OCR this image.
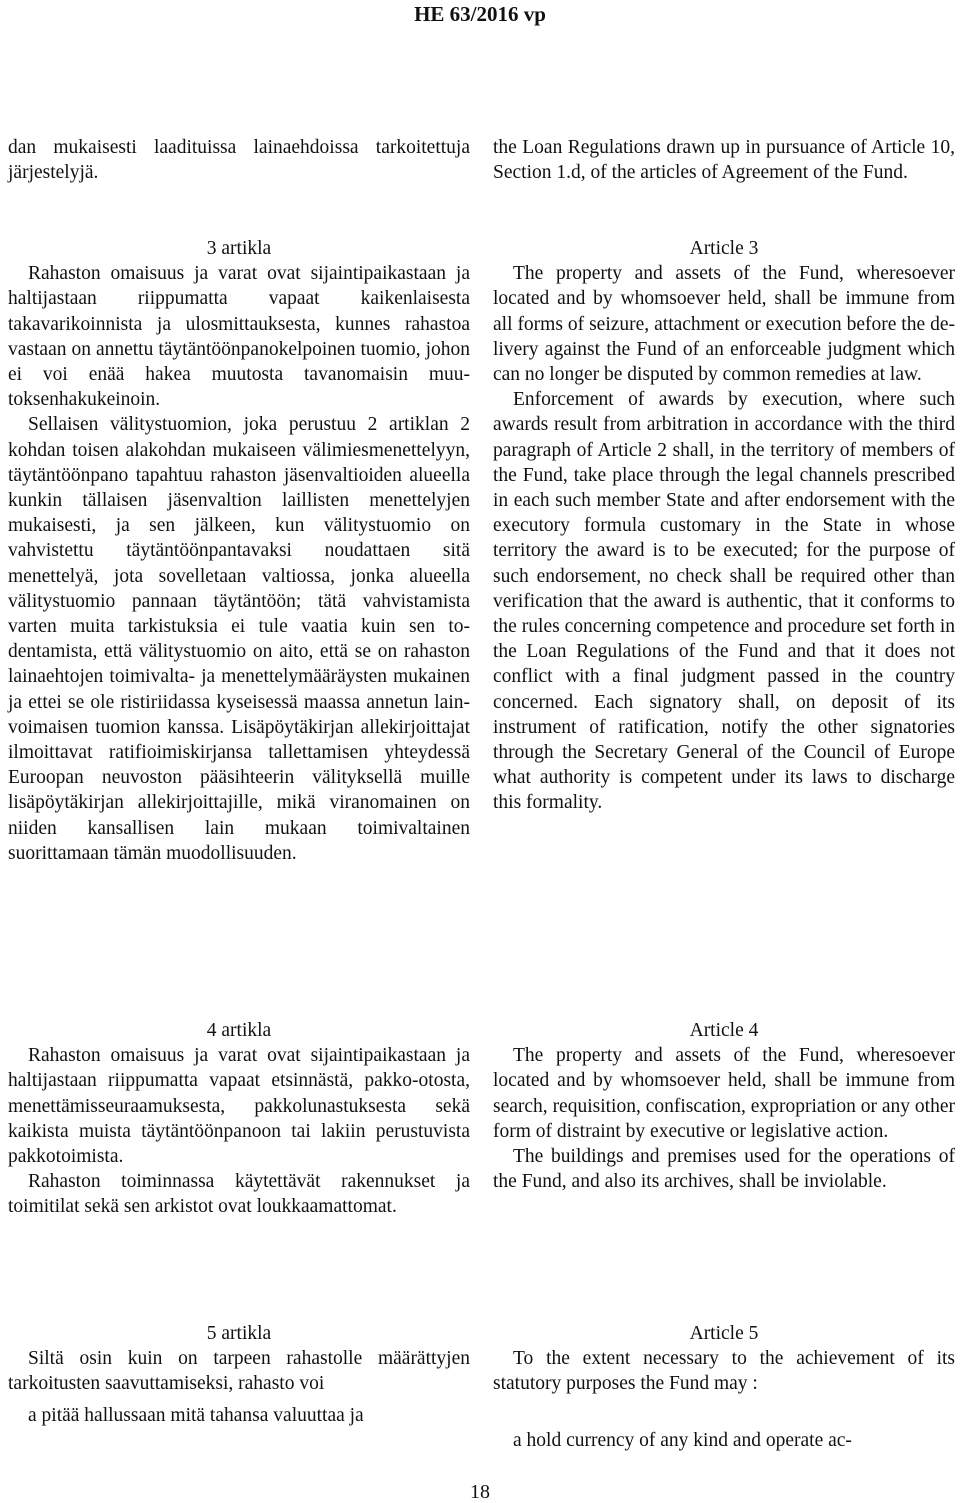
HE 63/2016 vp

dan mukaisesti laadituissa lainaehdoissa tarkoitettuja järjestelyjä.

3 artikla

Rahaston omaisuus ja varat ovat sijaintipaikastaan ja haltijastaan riippumatta vapaat kaikenlaisesta takavarikoinnista ja ulosmittauksesta, kunnes rahastoa vastaan on annettu täytäntöönpanokelpoinen tuomio, johon ei voi enää hakea muutosta tavanomaisin muutoksenhakukeinoin.

Sellaisen välitystuomion, joka perustuu 2 artiklan 2 kohdan toisen alakohdan mukaiseen välimiesmenettelyyn, täytäntöönpano tapahtuu rahaston jäsenvaltioiden alueella kunkin tällaisen jäsenvaltion laillisten menettelyjen mukaisesti, ja sen jälkeen, kun välitystuomio on vahvistettu täytäntöönpantavaksi noudattaen sitä menettelyä, jota sovelletaan valtiossa, jonka alueella välitystuomio pannaan täytäntöön; tätä vahvistamista varten muita tarkistuksia ei tule vaatia kuin sen todentamista, että välitystuomio on aito, että se on rahaston lainaehtojen toimivalta- ja menettelymääräysten mukainen ja ettei se ole ristiriidassa kyseisessä maassa annetun lainvoimaisen tuomion kanssa. Lisäpöytäkirjan allekirjoittajat ilmoittavat ratifioimiskirjansa tallettamisen yhteydessä Euroopan neuvoston pääsihteerin välityksellä muille lisäpöytäkirjan allekirjoittajille, mikä viranomainen on niiden kansallisen lain mukaan toimivaltainen suorittamaan tämän muodollisuuden.

4 artikla

Rahaston omaisuus ja varat ovat sijaintipaikastaan ja haltijastaan riippumatta vapaat etsinnästä, pakko-otosta, menettämisseuraamuksesta, pakkolunastuksesta sekä kaikista muista täytäntöönpanoon tai lakiin perustuvista pakkotoimista.

Rahaston toiminnassa käytettävät rakennukset ja toimitilat sekä sen arkistot ovat loukkaamattomat.

5 artikla

Siltä osin kuin on tarpeen rahastolle määrättyjen tarkoitusten saavuttamiseksi, rahasto voi

a pitää hallussaan mitä tahansa valuuttaa ja

the Loan Regulations drawn up in pursuance of Article 10, Section 1.d, of the articles of Agreement of the Fund.

Article 3

The property and assets of the Fund, wheresoever located and by whomsoever held, shall be immune from all forms of seizure, attachment or execution before the delivery against the Fund of an enforceable judgment which can no longer be disputed by common remedies at law.

Enforcement of awards by execution, where such awards result from arbitration in accordance with the third paragraph of Article 2 shall, in the territory of members of the Fund, take place through the legal channels prescribed in each such member State and after endorsement with the executory formula customary in the State in whose territory the award is to be executed; for the purpose of such endorsement, no check shall be required other than verification that the award is authentic, that it conforms to the rules concerning competence and procedure set forth in the Loan Regulations of the Fund and that it does not conflict with a final judgment passed in the country concerned. Each signatory shall, on deposit of its instrument of ratification, notify the other signatories through the Secretary General of the Council of Europe what authority is competent under its laws to discharge this formality.

Article 4

The property and assets of the Fund, wheresoever located and by whomsoever held, shall be immune from search, requisition, confiscation, expropriation or any other form of distraint by executive or legislative action.

The buildings and premises used for the operations of the Fund, and also its archives, shall be inviolable.

Article 5

To the extent necessary to the achievement of its statutory purposes the Fund may :

a hold currency of any kind and operate ac-

18
